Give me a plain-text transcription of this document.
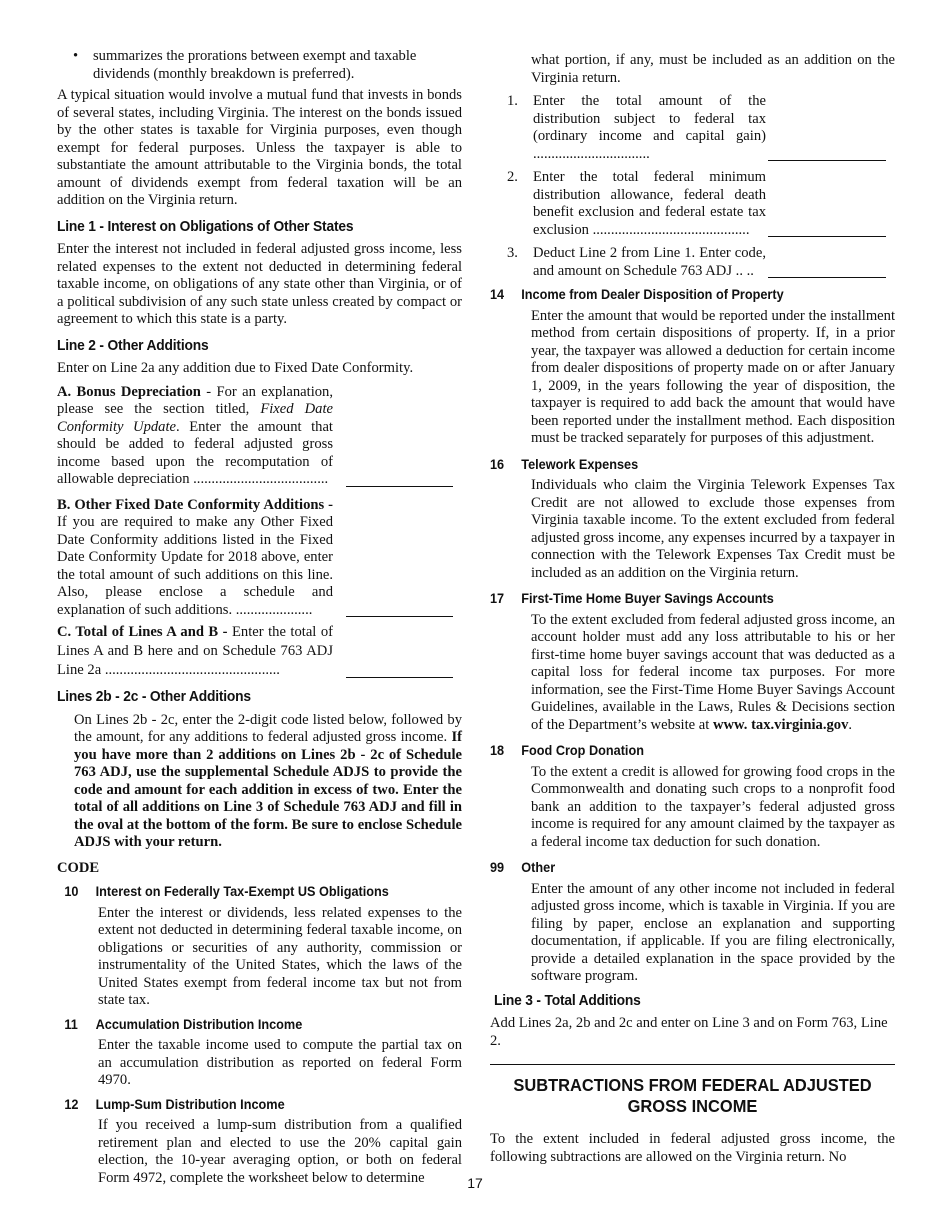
• summarizes the prorations between exempt and taxable dividends (monthly breakdown is preferred).

A typical situation would involve a mutual fund that invests in bonds of several states, including Virginia. The interest on the bonds issued by the other states is taxable for Virginia purposes, even though exempt for federal purposes. Unless the taxpayer is able to substantiate the amount attributable to the Virginia bonds, the total amount of dividends exempt from federal taxation will be an addition on the Virginia return.

Line 1 - Interest on Obligations of Other States

Enter the interest not included in federal adjusted gross income, less related expenses to the extent not deducted in determining federal taxable income, on obligations of any state other than Virginia, or of a political subdivision of any such state unless created by compact or agreement to which this state is a party.

Line 2 - Other Additions

Enter on Line 2a any addition due to Fixed Date Conformity.

A. Bonus Depreciation - For an explanation, please see the section titled, Fixed Date Conformity Update. Enter the amount that should be added to federal adjusted gross income based upon the recomputation of allowable depreciation .....................................
B. Other Fixed Date Conformity Additions - If you are required to make any Other Fixed Date Conformity additions listed in the Fixed Date Conformity Update for 2018 above, enter the total amount of such additions on this line. Also, please enclose a schedule and explanation of such additions. .....................
C. Total of Lines A and B - Enter the total of Lines A and B here and on Schedule 763 ADJ Line 2a ................................................
Lines 2b - 2c - Other Additions

On Lines 2b - 2c, enter the 2-digit code listed below, followed by the amount, for any additions to federal adjusted gross income. If you have more than 2 additions on Lines 2b - 2c of Schedule 763 ADJ, use the supplemental Schedule ADJS to provide the code and amount for each addition in excess of two. Enter the total of all additions on Line 3 of Schedule 763 ADJ and fill in the oval at the bottom of the form. Be sure to enclose Schedule ADJS with your return.

CODE
10 Interest on Federally Tax-Exempt US Obligations

Enter the interest or dividends, less related expenses to the extent not deducted in determining federal taxable income, on obligations or securities of any authority, commission or instrumentality of the United States, which the laws of the United States exempt from federal income tax but not from state tax.

11 Accumulation Distribution Income

Enter the taxable income used to compute the partial tax on an accumulation distribution as reported on federal Form 4970.

12 Lump-Sum Distribution Income

If you received a lump-sum distribution from a qualified retirement plan and elected to use the 20% capital gain election, the 10-year averaging option, or both on federal Form 4972, complete the worksheet below to determine

what portion, if any, must be included as an addition on the Virginia return.

1. Enter the total amount of the distribution subject to federal tax (ordinary income and capital gain) ................................
2. Enter the total federal minimum distribution allowance, federal death benefit exclusion and federal estate tax exclusion ...........................................
3. Deduct Line 2 from Line 1. Enter code, and amount on Schedule 763 ADJ .. ..
14 Income from Dealer Disposition of Property

Enter the amount that would be reported under the installment method from certain dispositions of property. If, in a prior year, the taxpayer was allowed a deduction for certain income from dealer dispositions of property made on or after January 1, 2009, in the years following the year of disposition, the taxpayer is required to add back the amount that would have been reported under the installment method. Each disposition must be tracked separately for purposes of this adjustment.

16 Telework Expenses

Individuals who claim the Virginia Telework Expenses Tax Credit are not allowed to exclude those expenses from Virginia taxable income. To the extent excluded from federal adjusted gross income, any expenses incurred by a taxpayer in connection with the Telework Expenses Tax Credit must be included as an addition on the Virginia return.

17 First-Time Home Buyer Savings Accounts

To the extent excluded from federal adjusted gross income, an account holder must add any loss attributable to his or her first-time home buyer savings account that was deducted as a capital loss for federal income tax purposes. For more information, see the First-Time Home Buyer Savings Account Guidelines, available in the Laws, Rules & Decisions section of the Department’s website at www. tax.virginia.gov.

18 Food Crop Donation

To the extent a credit is allowed for growing food crops in the Commonwealth and donating such crops to a nonprofit food bank an addition to the taxpayer’s federal adjusted gross income is required for any amount claimed by the taxpayer as a federal income tax deduction for such donation.

99 Other

Enter the amount of any other income not included in federal adjusted gross income, which is taxable in Virginia. If you are filing by paper, enclose an explanation and supporting documentation, if applicable. If you are filing electronically, provide a detailed explanation in the space provided by the software program.

Line 3 - Total Additions

Add Lines 2a, 2b and 2c and enter on Line 3 and on Form 763, Line 2.

SUBTRACTIONS FROM FEDERAL ADJUSTED GROSS INCOME

To the extent included in federal adjusted gross income, the following subtractions are allowed on the Virginia return. No

17
